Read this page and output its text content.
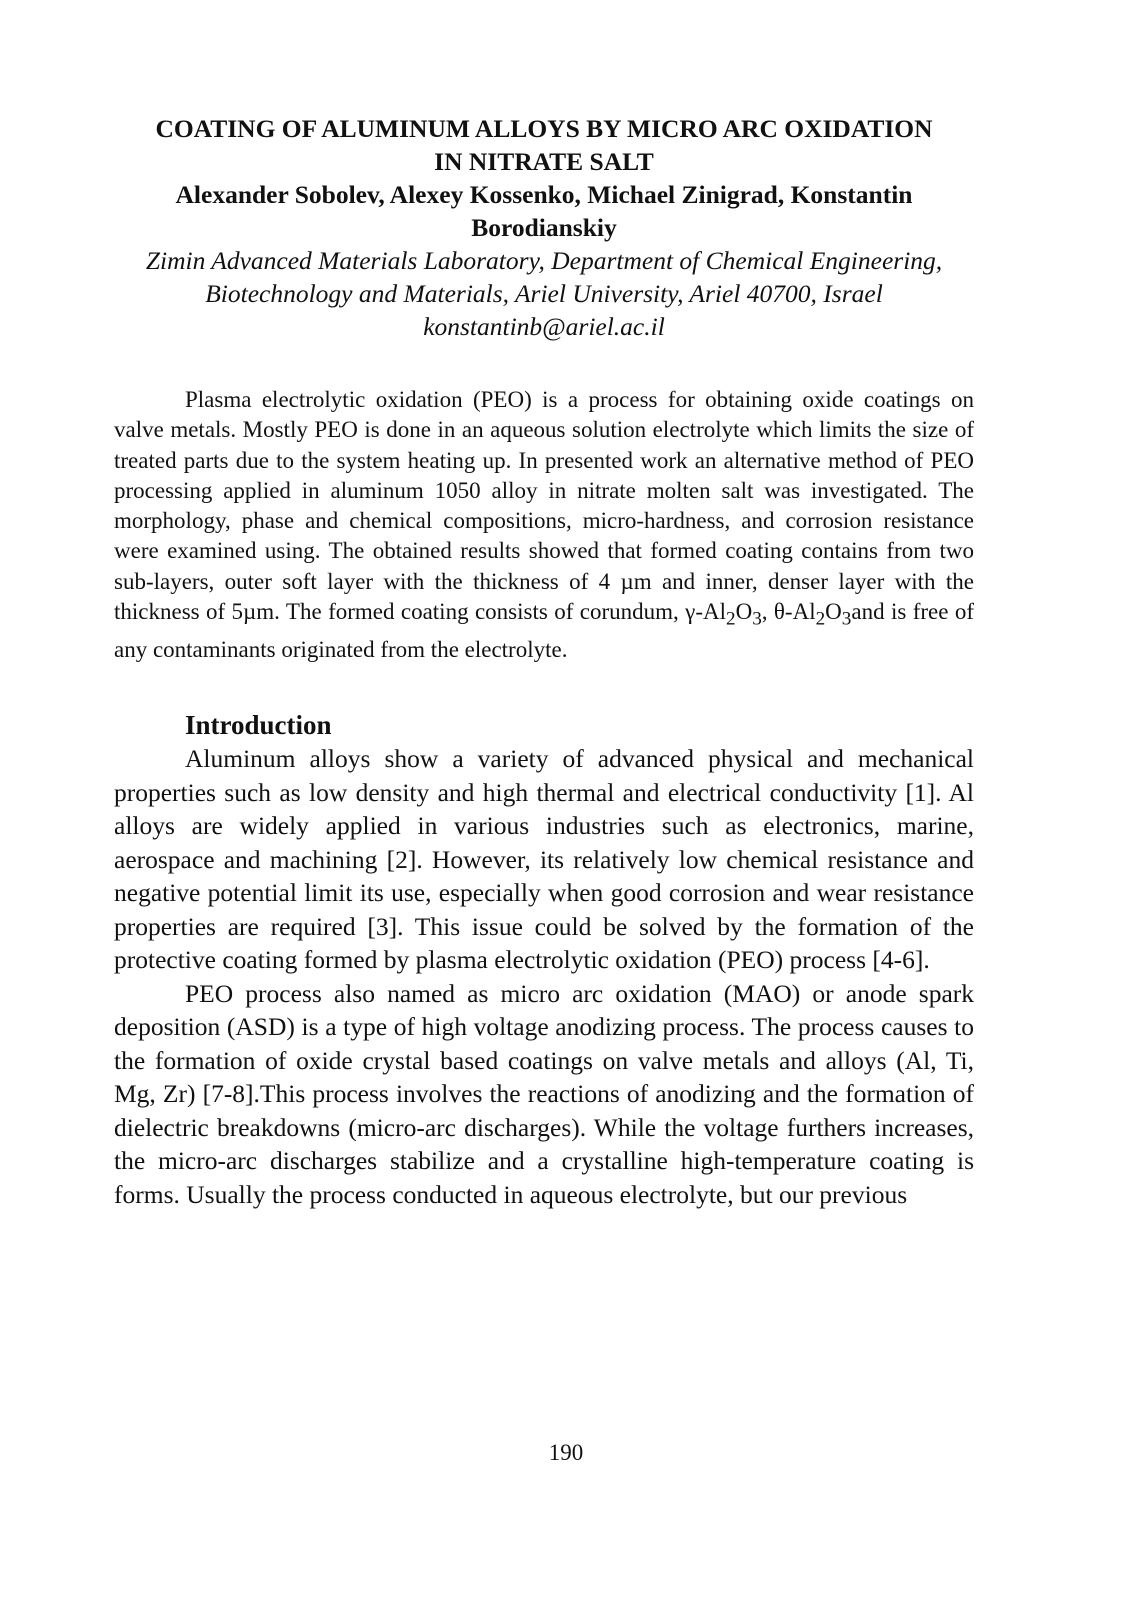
COATING OF ALUMINUM ALLOYS BY MICRO ARC OXIDATION IN NITRATE SALT
Alexander Sobolev, Alexey Kossenko, Michael Zinigrad, Konstantin Borodianskiy
Zimin Advanced Materials Laboratory, Department of Chemical Engineering, Biotechnology and Materials, Ariel University, Ariel 40700, Israel
konstantinb@ariel.ac.il

Plasma electrolytic oxidation (PEO) is a process for obtaining oxide coatings on valve metals. Mostly PEO is done in an aqueous solution electrolyte which limits the size of treated parts due to the system heating up. In presented work an alternative method of PEO processing applied in aluminum 1050 alloy in nitrate molten salt was investigated. The morphology, phase and chemical compositions, micro-hardness, and corrosion resistance were examined using. The obtained results showed that formed coating contains from two sub-layers, outer soft layer with the thickness of 4 µm and inner, denser layer with the thickness of 5µm. The formed coating consists of corundum, $\gamma-Al_2O_3$, $\theta-Al_2O_3and$ is free of any contaminants originated from the electrolyte.

Introduction

Aluminum alloys show a variety of advanced physical and mechanical properties such as low density and high thermal and electrical conductivity [1]. Al alloys are widely applied in various industries such as electronics, marine, aerospace and machining [2]. However, its relatively low chemical resistance and negative potential limit its use, especially when good corrosion and wear resistance properties are required [3]. This issue could be solved by the formation of the protective coating formed by plasma electrolytic oxidation (PEO) process [4-6].

PEO process also named as micro arc oxidation (MAO) or anode spark deposition (ASD) is a type of high voltage anodizing process. The process causes to the formation of oxide crystal based coatings on valve metals and alloys (Al, Ti, Mg, Zr) [7-8].This process involves the reactions of anodizing and the formation of dielectric breakdowns (micro-arc discharges). While the voltage furthers increases, the micro-arc discharges stabilize and a crystalline high-temperature coating is forms. Usually the process conducted in aqueous electrolyte, but our previous

190
